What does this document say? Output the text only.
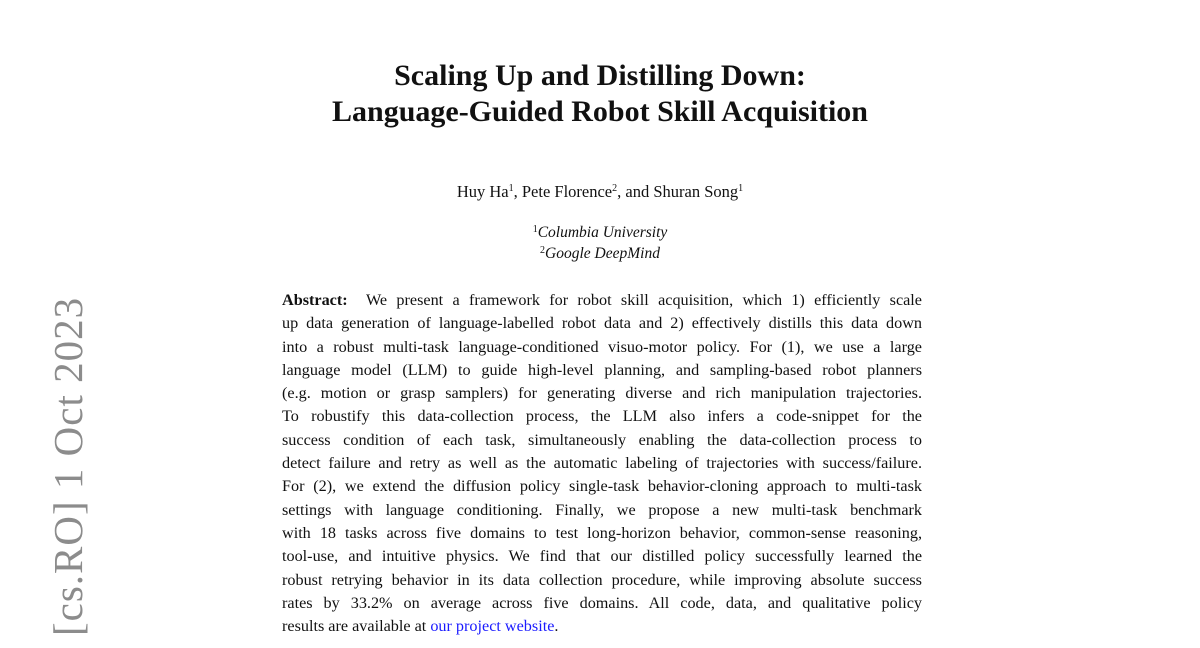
[cs.RO] 1 Oct 2023
Scaling Up and Distilling Down:
Language-Guided Robot Skill Acquisition
Huy Ha$^1$, Pete Florence$^2$, and Shuran Song$^1$
$^1$Columbia University
$^2$Google DeepMind
Abstract: We present a framework for robot skill acquisition, which 1) efficiently scale
up data generation of language-labelled robot data and 2) effectively distills this data down
into a robust multi-task language-conditioned visuo-motor policy. For (1), we use a large
language model (LLM) to guide high-level planning, and sampling-based robot planners
(e.g. motion or grasp samplers) for generating diverse and rich manipulation trajectories.
To robustify this data-collection process, the LLM also infers a code-snippet for the
success condition of each task, simultaneously enabling the data-collection process to
detect failure and retry as well as the automatic labeling of trajectories with success/failure.
For (2), we extend the diffusion policy single-task behavior-cloning approach to multi-task
settings with language conditioning. Finally, we propose a new multi-task benchmark
with 18 tasks across five domains to test long-horizon behavior, common-sense reasoning,
tool-use, and intuitive physics. We find that our distilled policy successfully learned the
robust retrying behavior in its data collection procedure, while improving absolute success
rates by 33.2% on average across five domains. All code, data, and qualitative policy
results are available at our project website.
